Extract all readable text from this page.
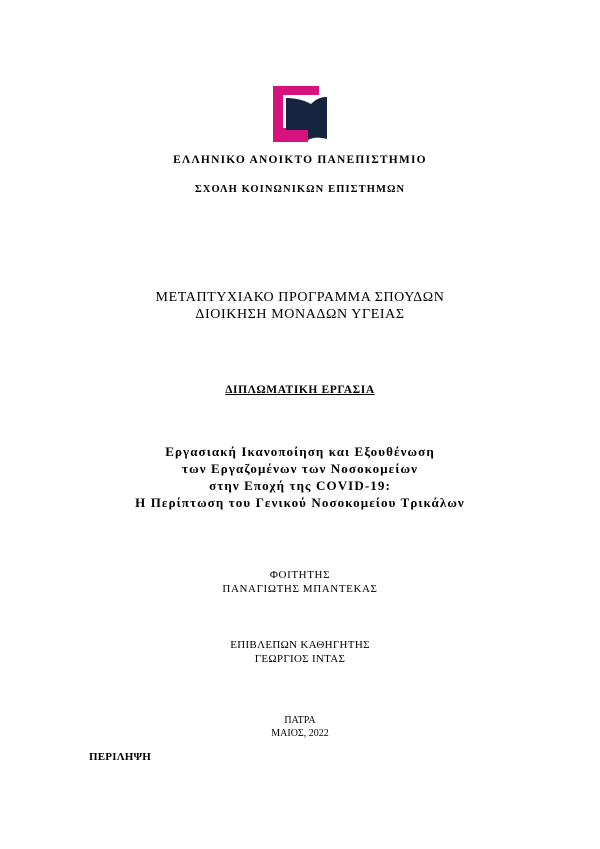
ΕΛΛΗΝΙΚΟ ΑΝΟΙΚΤΟ ΠΑΝΕΠΙΣΤΗΜΙΟ
ΣΧΟΛΗ ΚΟΙΝΩΝΙΚΩΝ ΕΠΙΣΤΗΜΩΝ
ΜΕΤΑΠΤΥΧΙΑΚΟ ΠΡΟΓΡΑΜΜΑ ΣΠΟΥΔΩΝ
ΔΙΟΙΚΗΣΗ ΜΟΝΑΔΩΝ ΥΓΕΙΑΣ
ΔΙΠΛΩΜΑΤΙΚΗ ΕΡΓΑΣΙΑ
Εργασιακή Ικανοποίηση και Εξουθένωση
των Εργαζομένων των Νοσοκομείων
στην Εποχή της COVID-19:
Η Περίπτωση του Γενικού Νοσοκομείου Τρικάλων
ΦΟΙΤΗΤΗΣ
ΠΑΝΑΓΙΩΤΗΣ ΜΠΑΝΤΕΚΑΣ
ΕΠΙΒΛΕΠΩΝ ΚΑΘΗΓΗΤΗΣ
ΓΕΩΡΓΙΟΣ ΙΝΤΑΣ
ΠΑΤΡΑ
ΜΑΙΟΣ, 2022
ΠΕΡΙΛΗΨΗ
